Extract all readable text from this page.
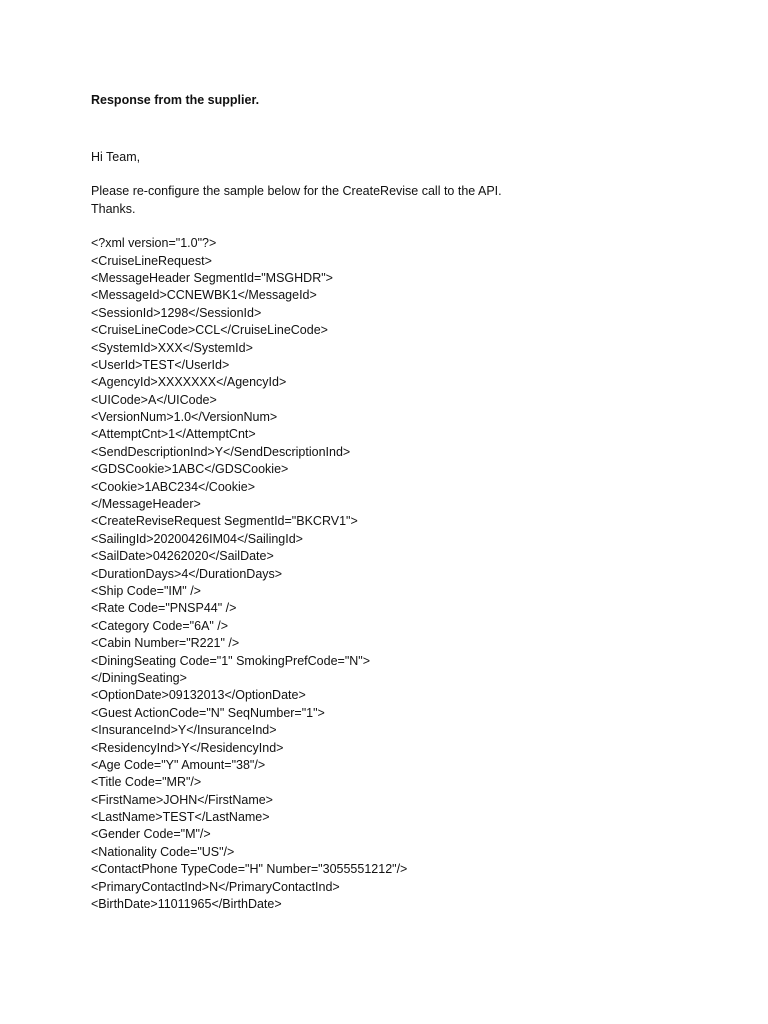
Response from the supplier.

Hi Team,

Please re-configure the sample below for the CreateRevise call to the API.
Thanks.
<?xml version="1.0"?>
<CruiseLineRequest>
<MessageHeader SegmentId="MSGHDR">
<MessageId>CCNEWBK1</MessageId>
<SessionId>1298</SessionId>
<CruiseLineCode>CCL</CruiseLineCode>
<SystemId>XXX</SystemId>
<UserId>TEST</UserId>
<AgencyId>XXXXXXX</AgencyId>
<UICode>A</UICode>
<VersionNum>1.0</VersionNum>
<AttemptCnt>1</AttemptCnt>
<SendDescriptionInd>Y</SendDescriptionInd>
<GDSCookie>1ABC</GDSCookie>
<Cookie>1ABC234</Cookie>
</MessageHeader>
<CreateReviseRequest SegmentId="BKCRV1">
<SailingId>20200426IM04</SailingId>
<SailDate>04262020</SailDate>
<DurationDays>4</DurationDays>
<Ship Code="IM" />
<Rate Code="PNSP44" />
<Category Code="6A" />
<Cabin Number="R221" />
<DiningSeating Code="1" SmokingPrefCode="N">
</DiningSeating>
<OptionDate>09132013</OptionDate>
<Guest ActionCode="N" SeqNumber="1">
<InsuranceInd>Y</InsuranceInd>
<ResidencyInd>Y</ResidencyInd>
<Age Code="Y" Amount="38"/>
<Title Code="MR"/>
<FirstName>JOHN</FirstName>
<LastName>TEST</LastName>
<Gender Code="M"/>
<Nationality Code="US"/>
<ContactPhone TypeCode="H" Number="3055551212"/>
<PrimaryContactInd>N</PrimaryContactInd>
<BirthDate>11011965</BirthDate>
